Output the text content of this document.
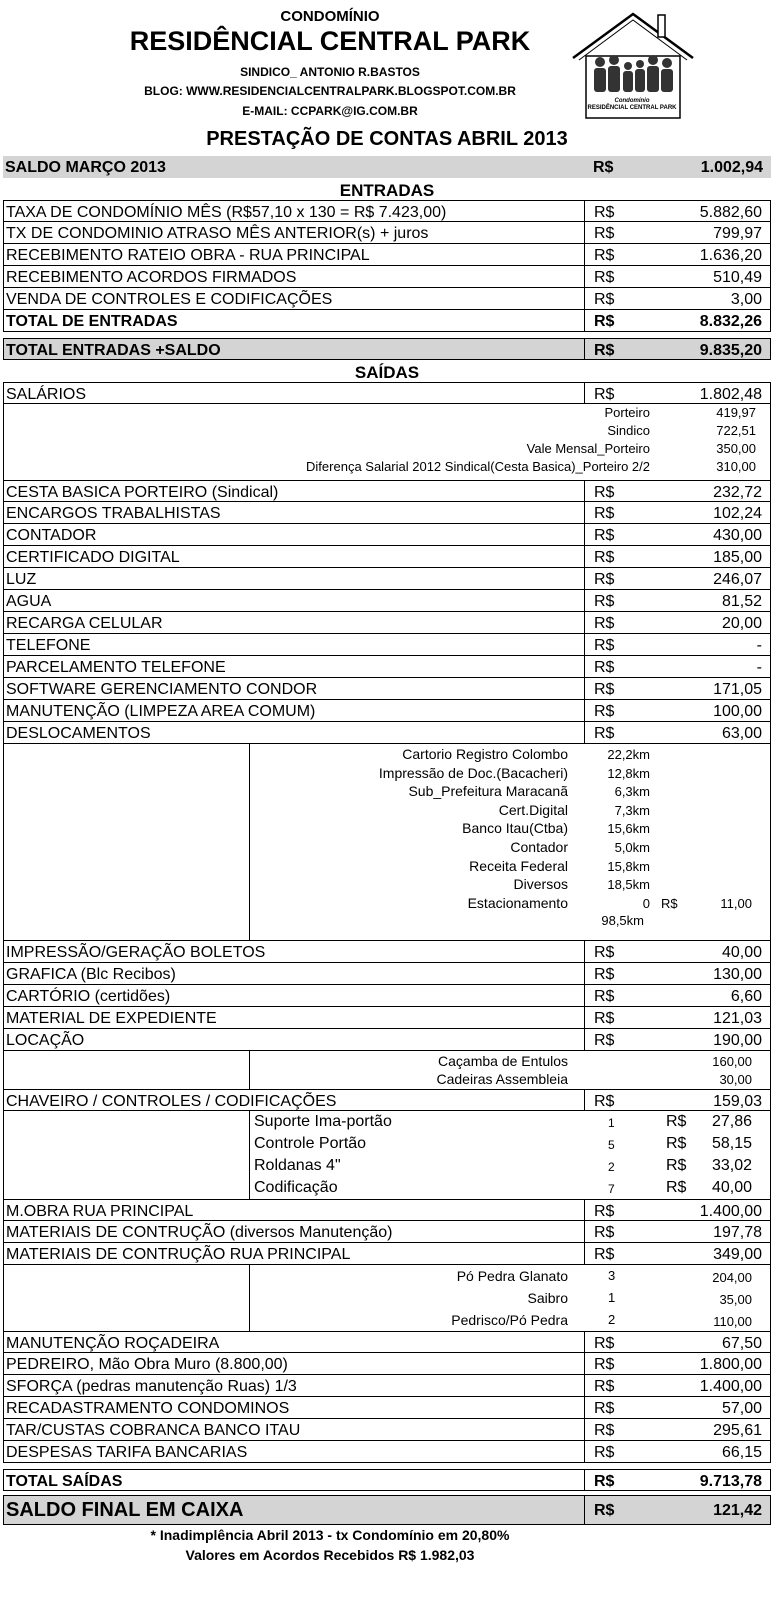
CONDOMÍNIO
RESIDÊNCIAL CENTRAL PARK
SINDICO_ ANTONIO R.BASTOS
BLOG: WWW.RESIDENCIALCENTRALPARK.BLOGSPOT.COM.BR
E-MAIL: CCPARK@IG.COM.BR
Condomínio
RESIDÊNCIAL CENTRAL PARK
PRESTAÇÃO DE CONTAS ABRIL 2013
SALDO MARÇO 2013	R$	1.002,94
ENTRADAS
TAXA DE CONDOMÍNIO MÊS (R$57,10 x 130 = R$ 7.423,00)	R$	5.882,60
TX DE CONDOMINIO ATRASO MÊS ANTERIOR(s) + juros	R$	799,97
RECEBIMENTO RATEIO OBRA - RUA PRINCIPAL	R$	1.636,20
RECEBIMENTO ACORDOS FIRMADOS	R$	510,49
VENDA DE CONTROLES E CODIFICAÇÕES	R$	3,00
TOTAL DE ENTRADAS	R$	8.832,26
TOTAL ENTRADAS +SALDO	R$	9.835,20
SAÍDAS
SALÁRIOS	R$	1.802,48
Porteiro	419,97
Sindico	722,51
Vale Mensal_Porteiro	350,00
Diferença Salarial 2012 Sindical(Cesta Basica)_Porteiro 2/2	310,00
CESTA BASICA PORTEIRO (Sindical)	R$	232,72
ENCARGOS TRABALHISTAS	R$	102,24
CONTADOR	R$	430,00
CERTIFICADO DIGITAL	R$	185,00
LUZ	R$	246,07
AGUA	R$	81,52
RECARGA CELULAR	R$	20,00
TELEFONE	R$	-
PARCELAMENTO TELEFONE	R$	-
SOFTWARE GERENCIAMENTO CONDOR	R$	171,05
MANUTENÇÃO (LIMPEZA AREA COMUM)	R$	100,00
DESLOCAMENTOS	R$	63,00
Cartorio Registro Colombo	22,2km
Impressão de Doc.(Bacacheri)	12,8km
Sub_Prefeitura Maracanã	6,3km
Cert.Digital	7,3km
Banco Itau(Ctba)	15,6km
Contador	5,0km
Receita Federal	15,8km
Diversos	18,5km
Estacionamento	0 R$	11,00
98,5km
IMPRESSÃO/GERAÇÃO BOLETOS	R$	40,00
GRAFICA (Blc Recibos)	R$	130,00
CARTÓRIO (certidões)	R$	6,60
MATERIAL DE EXPEDIENTE	R$	121,03
LOCAÇÃO	R$	190,00
Caçamba de Entulos	160,00
Cadeiras Assembleia	30,00
CHAVEIRO / CONTROLES / CODIFICAÇÕES	R$	159,03
Suporte Ima-portão	1	R$ 27,86
Controle Portão	5	R$ 58,15
Roldanas 4"	2	R$ 33,02
Codificação	7	R$ 40,00
M.OBRA RUA PRINCIPAL	R$	1.400,00
MATERIAIS DE CONTRUÇÃO (diversos Manutenção)	R$	197,78
MATERIAIS DE CONTRUÇÃO RUA PRINCIPAL	R$	349,00
Pó Pedra Glanato	3	204,00
Saibro	1	35,00
Pedrisco/Pó Pedra	2	110,00
MANUTENÇÃO ROÇADEIRA	R$	67,50
PEDREIRO, Mão Obra Muro (8.800,00)	R$	1.800,00
SFORÇA (pedras manutenção Ruas) 1/3	R$	1.400,00
RECADASTRAMENTO CONDOMINOS	R$	57,00
TAR/CUSTAS COBRANCA BANCO ITAU	R$	295,61
DESPESAS TARIFA BANCARIAS	R$	66,15
TOTAL SAÍDAS	R$	9.713,78
SALDO FINAL EM CAIXA	R$	121,42
* Inadimplência Abril 2013 - tx Condomínio em 20,80%
Valores em Acordos Recebidos R$ 1.982,03
